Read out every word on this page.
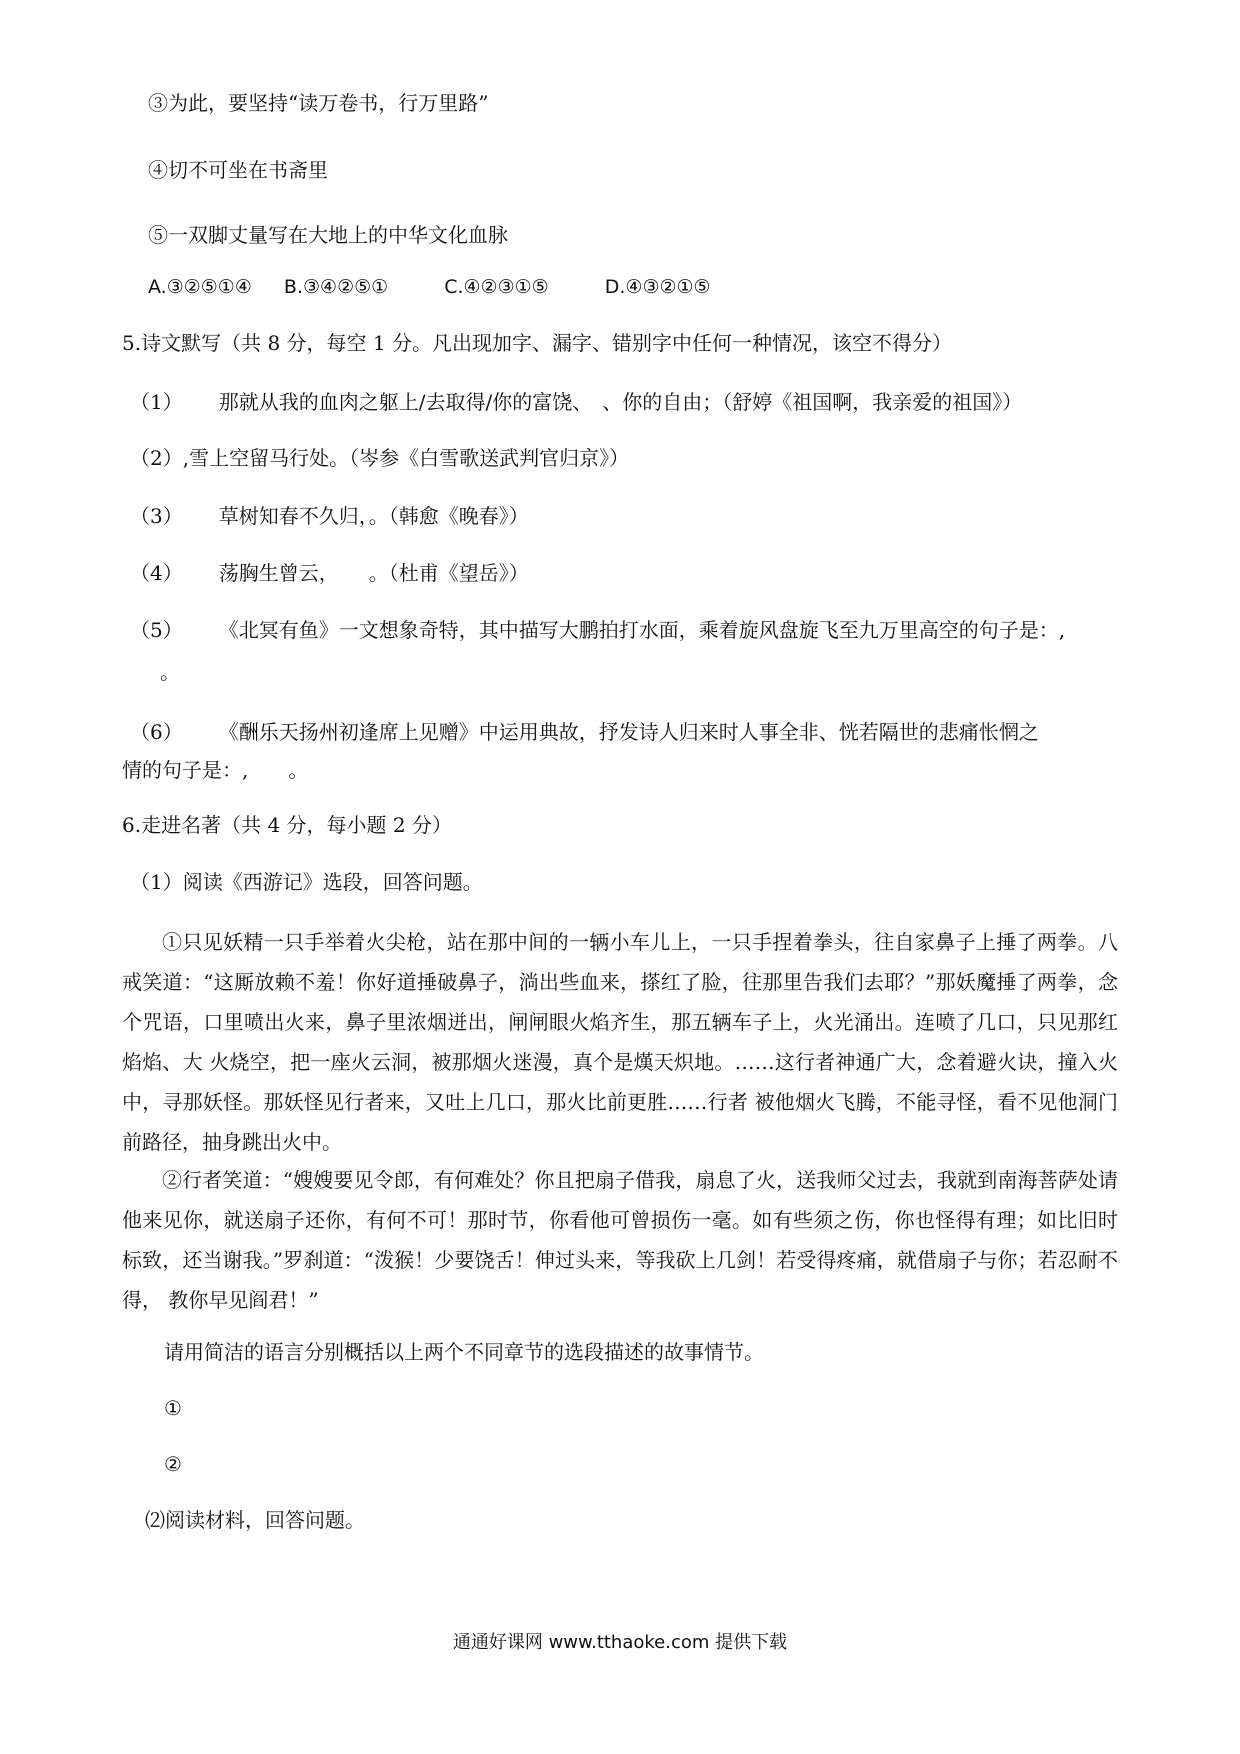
③为此，要坚持“读万卷书，行万里路”
④切不可坐在书斋里
⑤一双脚丈量写在大地上的中华文化血脉
A.③②⑤①④ B.③④②⑤①	C.④②③①⑤	D.④③②①⑤
5.诗文默写（共 8 分，每空 1 分。凡出现加字、漏字、错别字中任何一种情况，该空不得分）
（1） 那就从我的血肉之躯上/去取得/你的富饶、　、你的自由；（舒婷《祖国啊，我亲爱的祖国》）
（2）,雪上空留马行处。（岑参《白雪歌送武判官归京》）
（3） 草树知春不久归，。（韩愈《晚春》）
（4） 荡胸生曾云，　　。（杜甫《望岳》）
（5） 《北冥有鱼》一文想象奇特，其中描写大鹏拍打水面，乘着旋风盘旋飞至九万里高空的句子是：,
。
（6） 《酬乐天扬州初逢席上见赠》中运用典故，抒发诗人归来时人事全非、恍若隔世的悲痛怅惘之
情的句子是：,　　。
6.走进名著（共 4 分，每小题 2 分）
（1）阅读《西游记》选段，回答问题。
①只见妖精一只手举着火尖枪，站在那中间的一辆小车儿上，一只手捏着拳头，往自家鼻子上捶了两拳。八戒笑道：“这厮放赖不羞！你好道捶破鼻子，淌出些血来，搽红了脸，往那里告我们去耶？”那妖魔捶了两拳，念个咒语，口里喷出火来，鼻子里浓烟迸出，闸闸眼火焰齐生，那五辆车子上，火光涌出。连喷了几口，只见那红焰焰、大 火烧空，把一座火云洞，被那烟火迷漫，真个是熯天炽地。……这行者神通广大，念着避火诀，撞入火中，寻那妖怪。那妖怪见行者来，又吐上几口，那火比前更胜……行者 被他烟火飞腾，不能寻怪，看不见他洞门前路径，抽身跳出火中。
②行者笑道：“嫂嫂要见令郎，有何难处？你且把扇子借我，扇息了火，送我师父过去，我就到南海菩萨处请他来见你，就送扇子还你，有何不可！那时节，你看他可曾损伤一毫。如有些须之伤，你也怪得有理；如比旧时标致，还当谢我。”罗刹道：“泼猴！少要饶舌！伸过头来，等我砍上几剑！若受得疼痛，就借扇子与你；若忍耐不得， 教你早见阎君！”
请用简洁的语言分别概括以上两个不同章节的选段描述的故事情节。
①
②
⑵阅读材料，回答问题。
通通好课网 www.tthaoke.com 提供下载
